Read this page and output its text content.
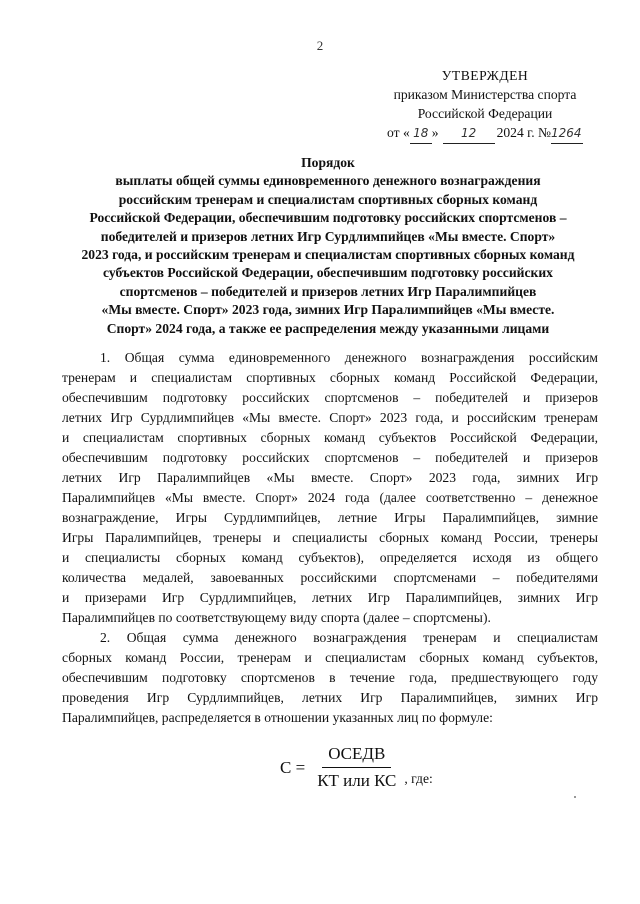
2
УТВЕРЖДЕН
приказом Министерства спорта
Российской Федерации
от « 18 »	12	2024 г. № 1264
Порядок
выплаты общей суммы единовременного денежного вознаграждения
российским тренерам и специалистам спортивных сборных команд
Российской Федерации, обеспечившим подготовку российских спортсменов –
победителей и призеров летних Игр Сурдлимпийцев «Мы вместе. Спорт»
2023 года, и российским тренерам и специалистам спортивных сборных команд
субъектов Российской Федерации, обеспечившим подготовку российских
спортсменов – победителей и призеров летних Игр Паралимпийцев
«Мы вместе. Спорт» 2023 года, зимних Игр Паралимпийцев «Мы вместе.
Спорт» 2024 года, а также ее распределения между указанными лицами
1. Общая сумма единовременного денежного вознаграждения российским
тренерам и специалистам спортивных сборных команд Российской Федерации,
обеспечившим подготовку российских спортсменов – победителей и призеров
летних Игр Сурдлимпийцев «Мы вместе. Спорт» 2023 года, и российским тренерам
и специалистам спортивных сборных команд субъектов Российской Федерации,
обеспечившим подготовку российских спортсменов – победителей и призеров
летних Игр Паралимпийцев «Мы вместе. Спорт» 2023 года, зимних Игр
Паралимпийцев «Мы вместе. Спорт» 2024 года (далее соответственно – денежное
вознаграждение, Игры Сурдлимпийцев, летние Игры Паралимпийцев, зимние
Игры Паралимпийцев, тренеры и специалисты сборных команд России, тренеры
и специалисты сборных команд субъектов), определяется исходя из общего
количества медалей, завоеванных российскими спортсменами – победителями
и призерами Игр Сурдлимпийцев, летних Игр Паралимпийцев, зимних Игр
Паралимпийцев по соответствующему виду спорта (далее – спортсмены).
2. Общая сумма денежного вознаграждения тренерам и специалистам
сборных команд России, тренерам и специалистам сборных команд субъектов,
обеспечившим подготовку спортсменов в течение года, предшествующего году
проведения Игр Сурдлимпийцев, летних Игр Паралимпийцев, зимних Игр
Паралимпийцев, распределяется в отношении указанных лиц по формуле:
$С = \frac{\text{ОСЕДВ}}{\text{КТ или КС}}$ , где:
